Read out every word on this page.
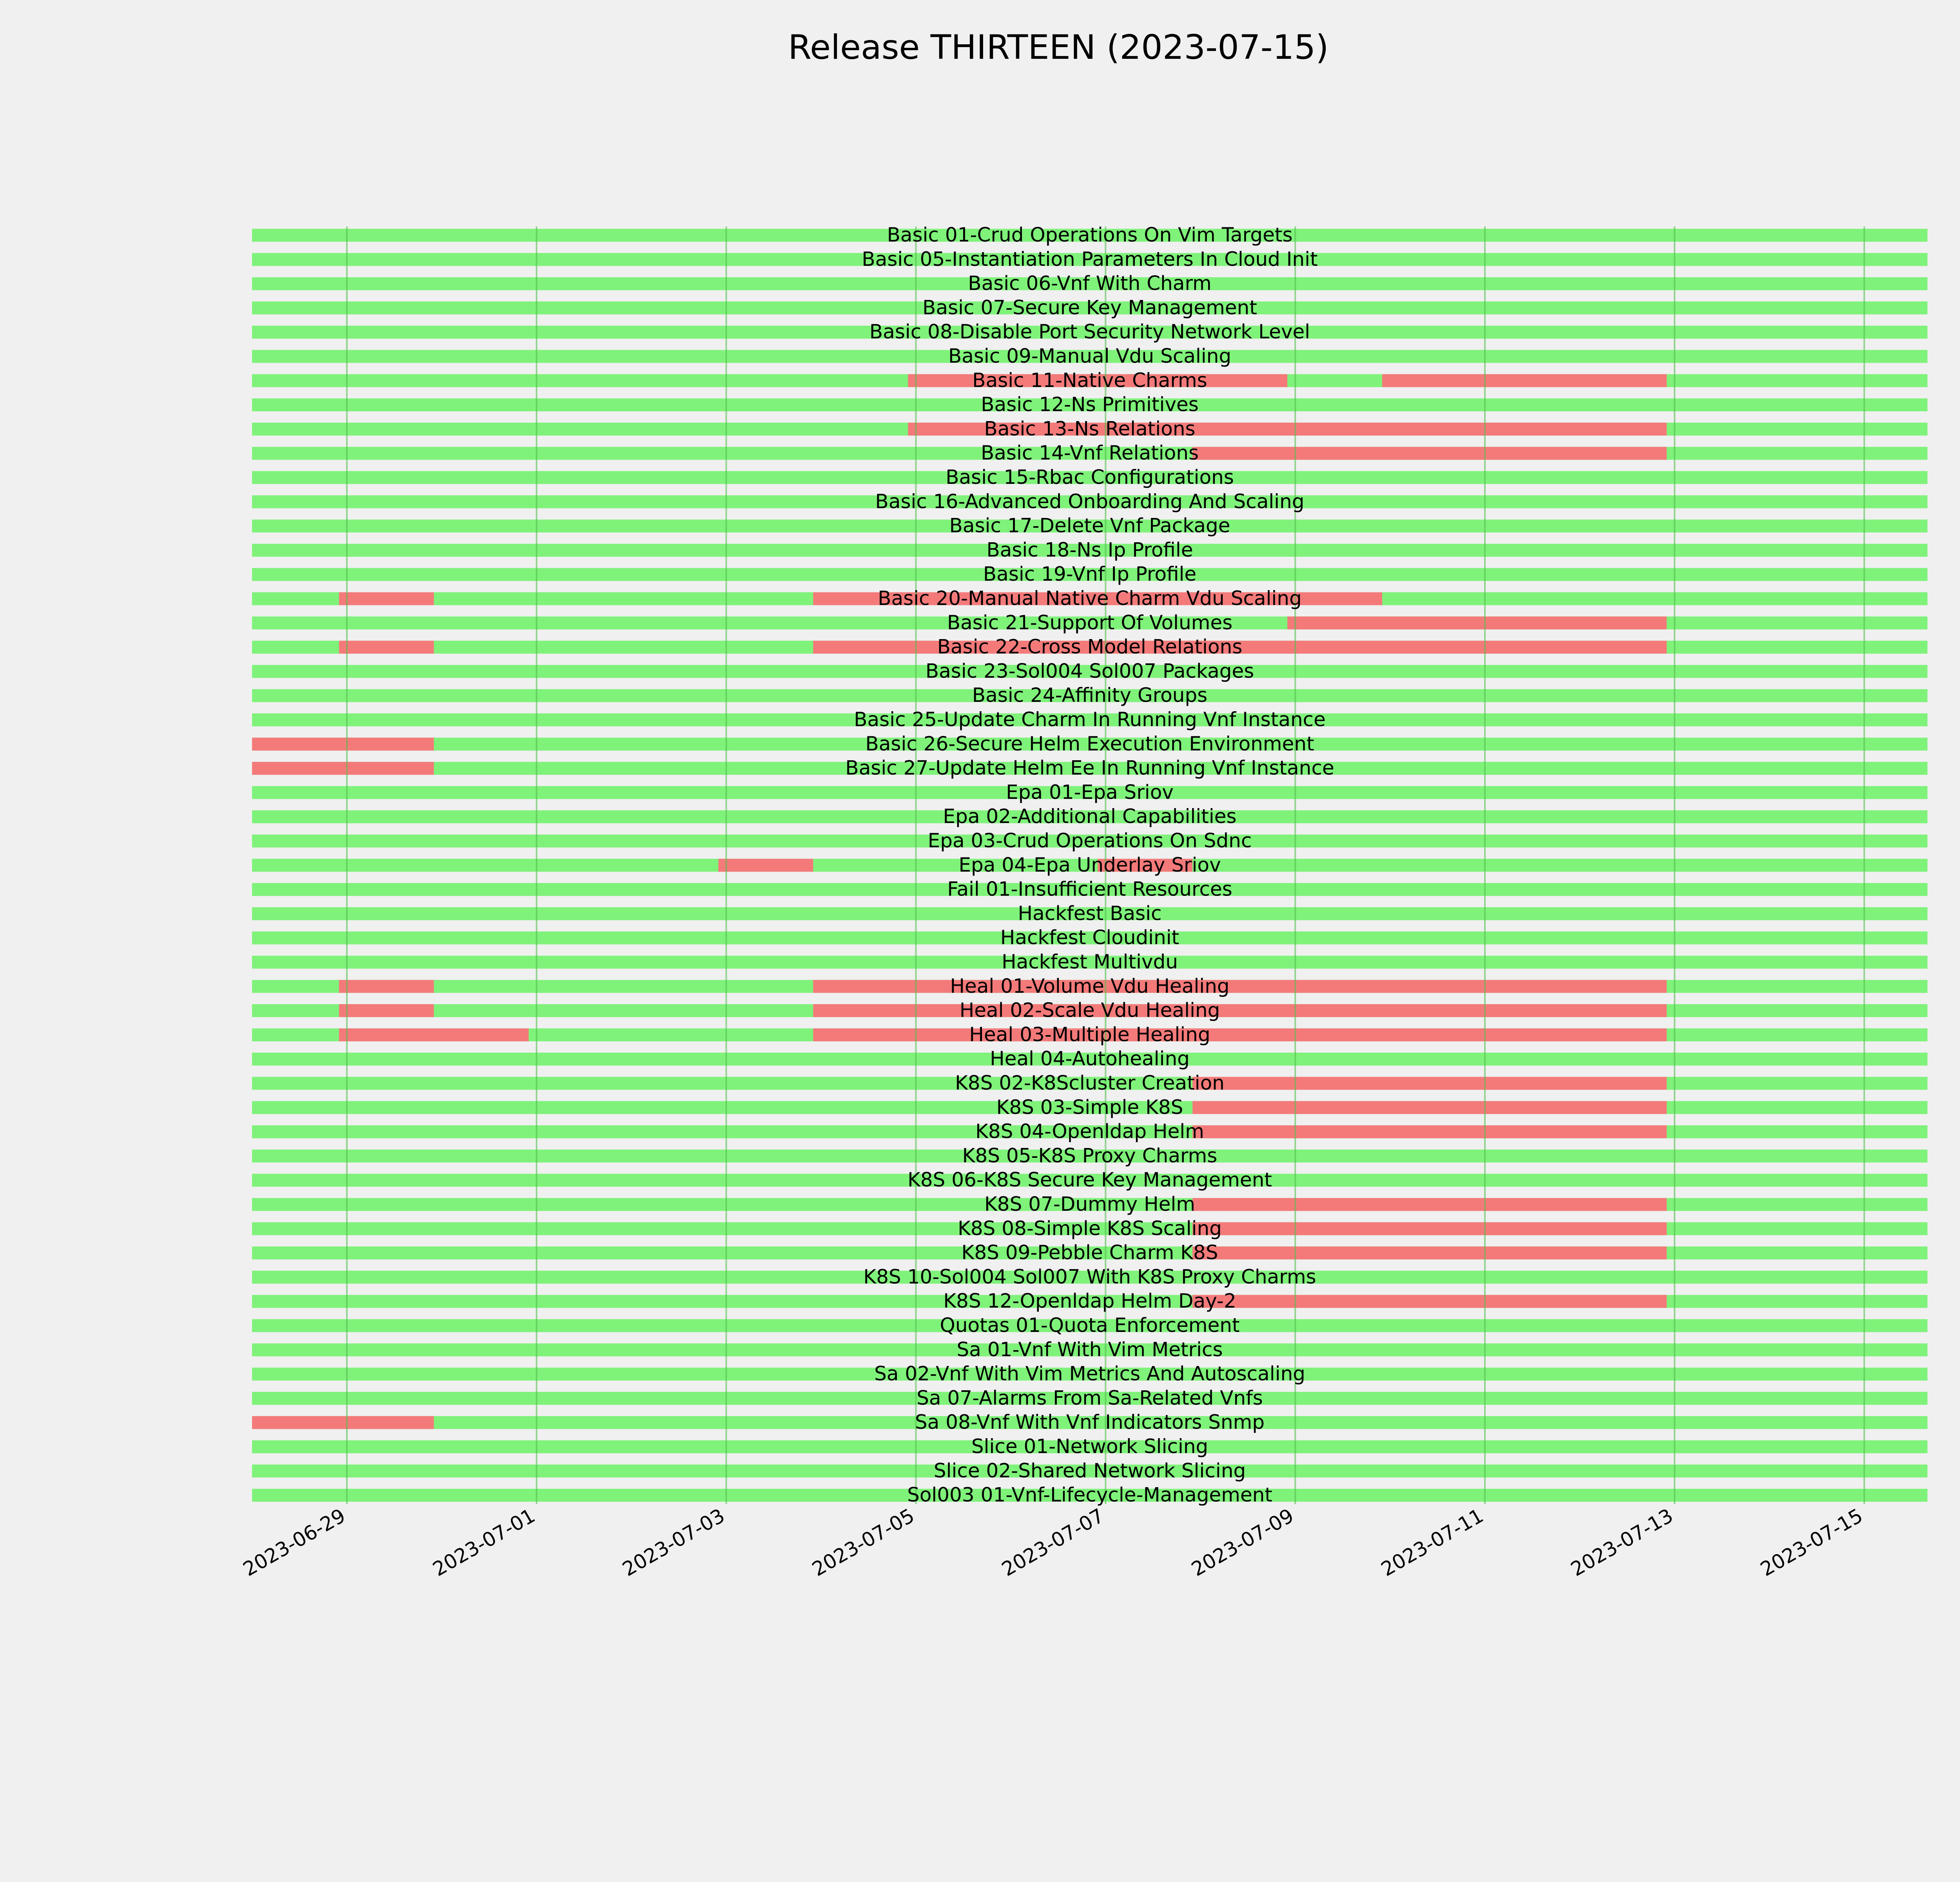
Release THIRTEEN (2023-07-15)
Basic 01-Crud Operations On Vim Targets
Basic 05-Instantiation Parameters In Cloud Init
Basic 06-Vnf With Charm
Basic 07-Secure Key Management
Basic 08-Disable Port Security Network Level
Basic 09-Manual Vdu Scaling
Basic 11-Native Charms
Basic 12-Ns Primitives
Basic 13-Ns Relations
Basic 14-Vnf Relations
Basic 15-Rbac Configurations
Basic 16-Advanced Onboarding And Scaling
Basic 17-Delete Vnf Package
Basic 18-Ns Ip Profile
Basic 19-Vnf Ip Profile
Basic 20-Manual Native Charm Vdu Scaling
Basic 21-Support Of Volumes
Basic 22-Cross Model Relations
Basic 23-Sol004 Sol007 Packages
Basic 24-Affinity Groups
Basic 25-Update Charm In Running Vnf Instance
Basic 26-Secure Helm Execution Environment
Basic 27-Update Helm Ee In Running Vnf Instance
Epa 01-Epa Sriov
Epa 02-Additional Capabilities
Epa 03-Crud Operations On Sdnc
Epa 04-Epa Underlay Sriov
Fail 01-Insufficient Resources
Hackfest Basic
Hackfest Cloudinit
Hackfest Multivdu
Heal 01-Volume Vdu Healing
Heal 02-Scale Vdu Healing
Heal 03-Multiple Healing
Heal 04-Autohealing
K8S 02-K8Scluster Creation
K8S 03-Simple K8S
K8S 04-Openldap Helm
K8S 05-K8S Proxy Charms
K8S 06-K8S Secure Key Management
K8S 07-Dummy Helm
K8S 08-Simple K8S Scaling
K8S 09-Pebble Charm K8S
K8S 10-Sol004 Sol007 With K8S Proxy Charms
K8S 12-Openldap Helm Day-2
Quotas 01-Quota Enforcement
Sa 01-Vnf With Vim Metrics
Sa 02-Vnf With Vim Metrics And Autoscaling
Sa 07-Alarms From Sa-Related Vnfs
Sa 08-Vnf With Vnf Indicators Snmp
Slice 01-Network Slicing
Slice 02-Shared Network Slicing
Sol003 01-Vnf-Lifecycle-Management
2023-06-29	2023-07-01	2023-07-03	2023-07-05	2023-07-07	2023-07-09	2023-07-11	2023-07-13	2023-07-15
